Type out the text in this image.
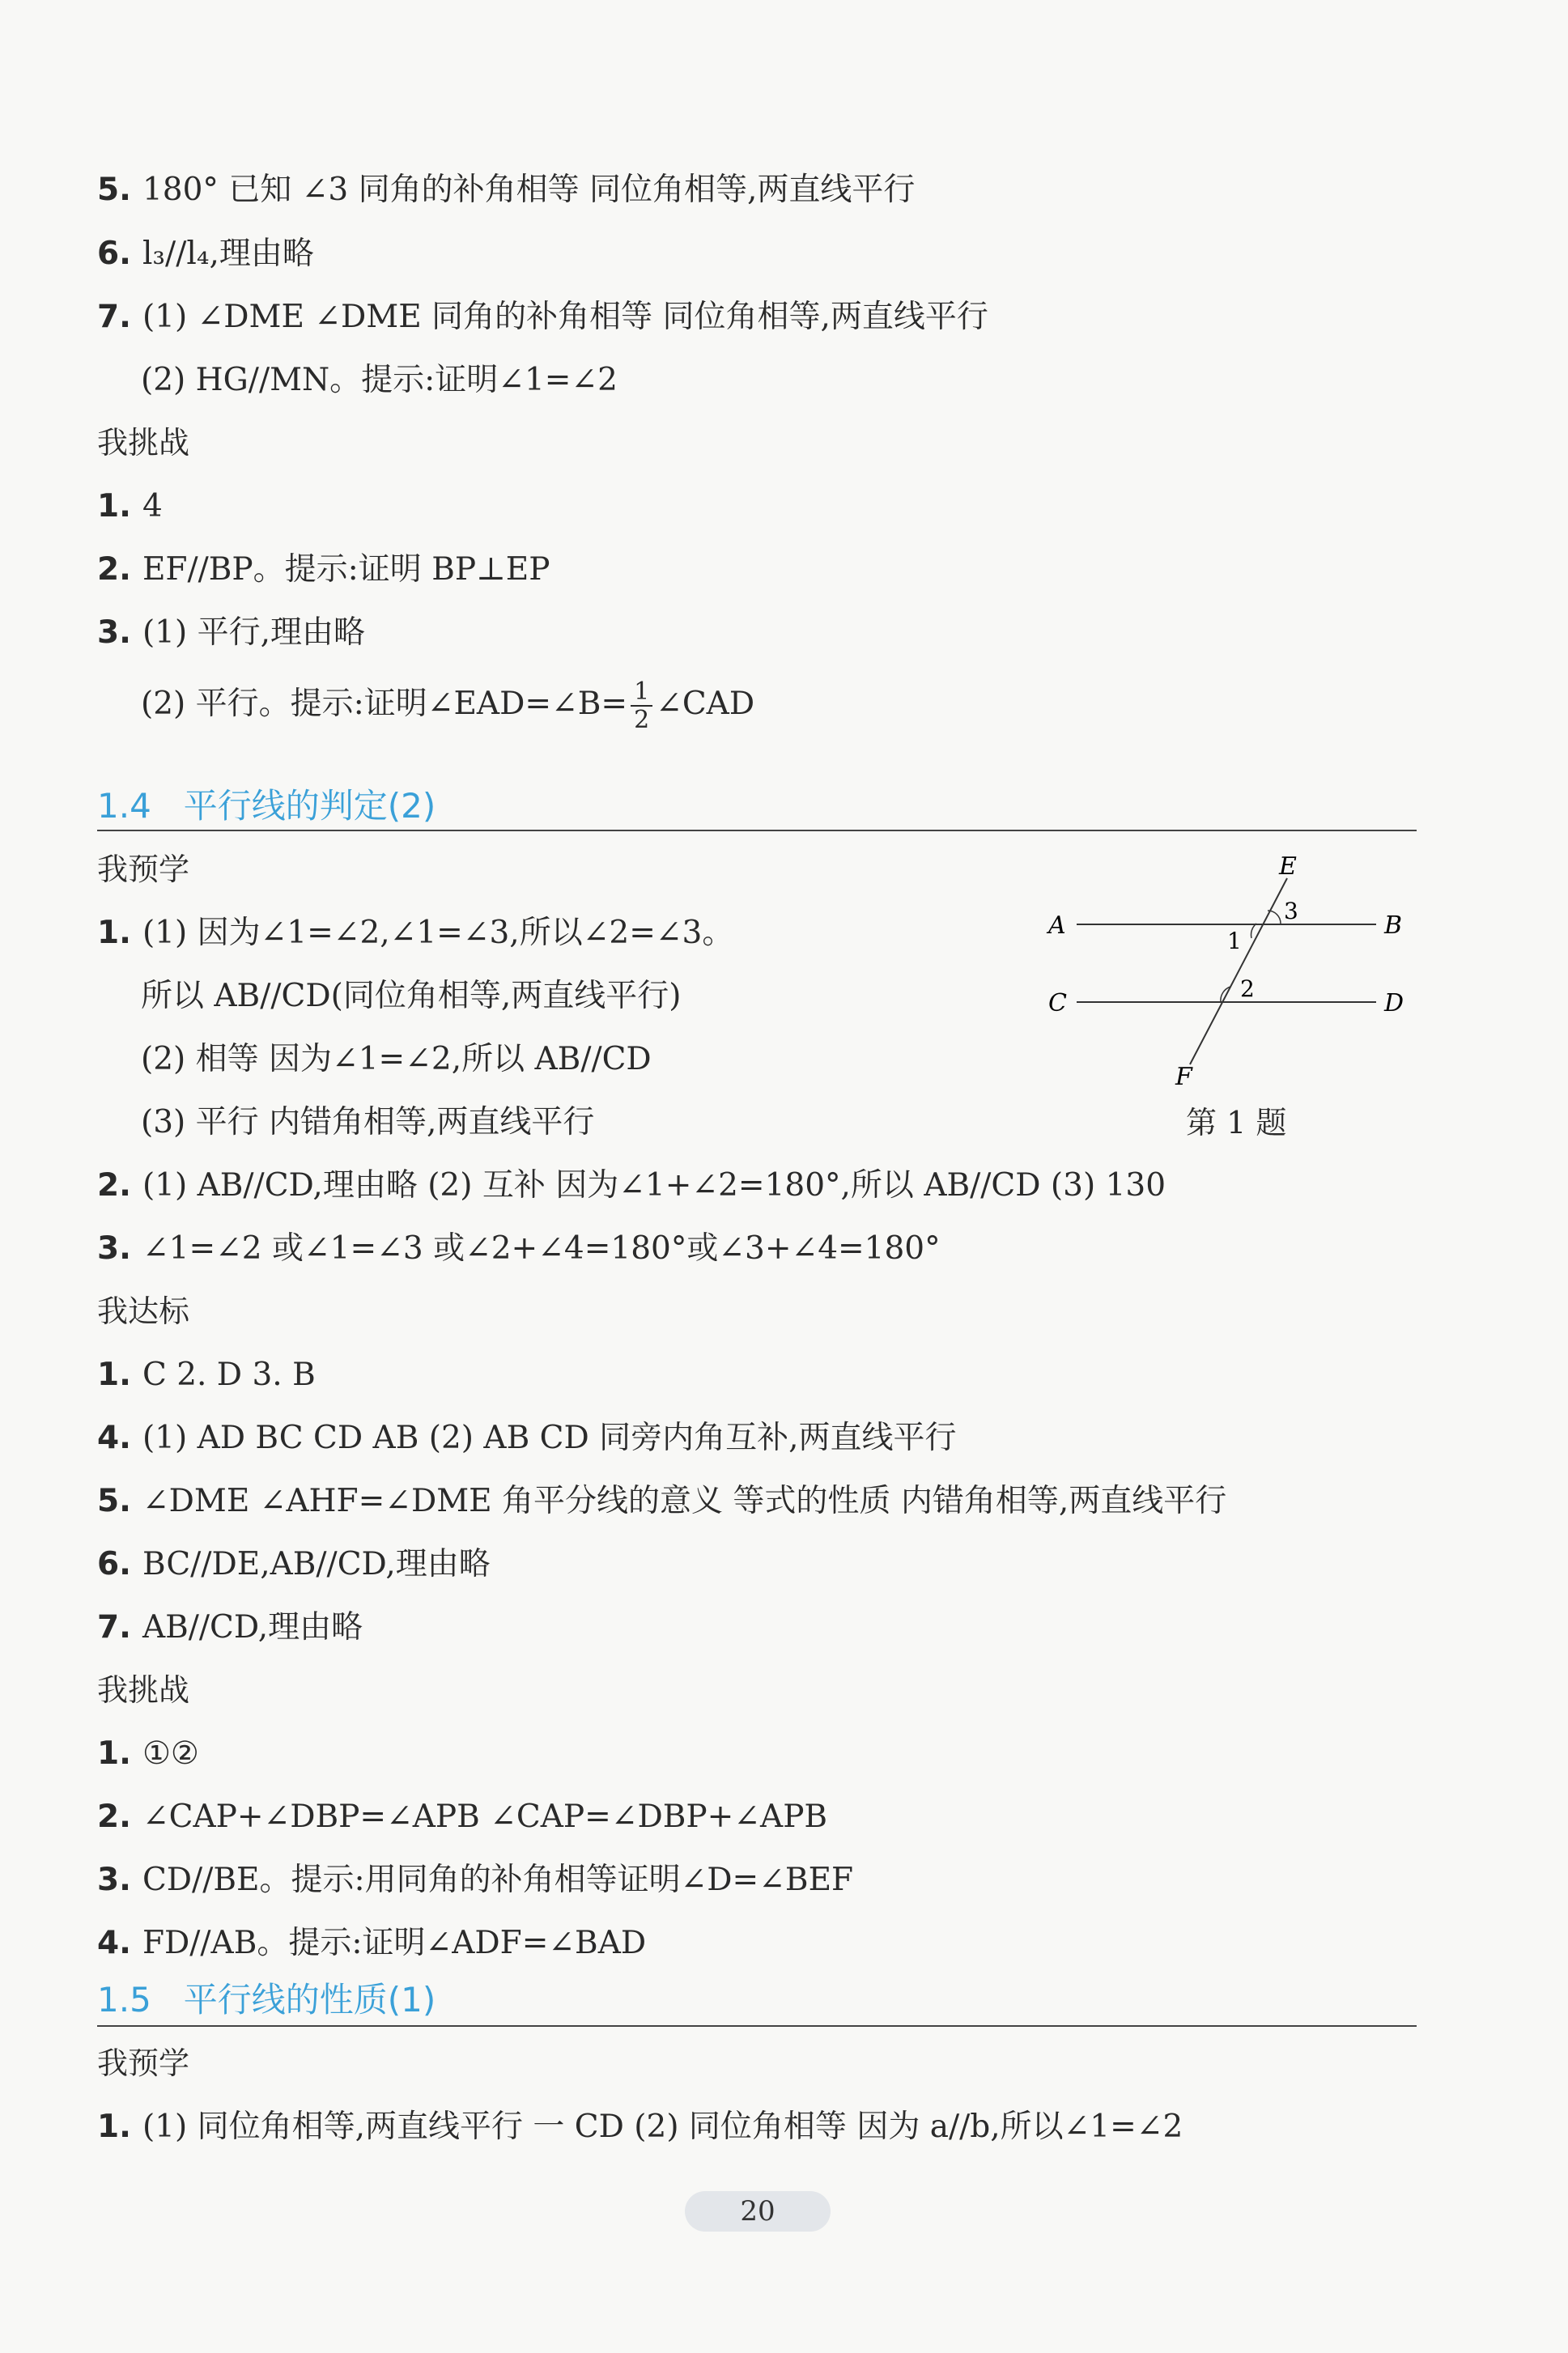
5. 180° 已知 ∠3 同角的补角相等 同位角相等,两直线平行
6. l₃//l₄,理由略
7. (1) ∠DME ∠DME 同角的补角相等 同位角相等,两直线平行
(2) HG//MN。提示:证明∠1=∠2
我挑战
1. 4
2. EF//BP。提示:证明 BP⊥EP
3. (1) 平行,理由略
(2) 平行。提示:证明∠EAD=∠B= $\frac{1}{2}$ ∠CAD
1.4 平行线的判定(2)
我预学
1. (1) 因为∠1=∠2,∠1=∠3,所以∠2=∠3。
所以 AB//CD(同位角相等,两直线平行)
(2) 相等 因为∠1=∠2,所以 AB//CD
(3) 平行 内错角相等,两直线平行
A	B
C	D
E
F
1
2
3
第 1 题
2. (1) AB//CD,理由略 (2) 互补 因为∠1+∠2=180°,所以 AB//CD (3) 130
3. ∠1=∠2 或∠1=∠3 或∠2+∠4=180°或∠3+∠4=180°
我达标
1. C 2. D 3. B
4. (1) AD BC CD AB (2) AB CD 同旁内角互补,两直线平行
5. ∠DME ∠AHF=∠DME 角平分线的意义 等式的性质 内错角相等,两直线平行
6. BC//DE,AB//CD,理由略
7. AB//CD,理由略
我挑战
1. ①②
2. ∠CAP+∠DBP=∠APB ∠CAP=∠DBP+∠APB
3. CD//BE。提示:用同角的补角相等证明∠D=∠BEF
4. FD//AB。提示:证明∠ADF=∠BAD
1.5 平行线的性质(1)
我预学
1. (1) 同位角相等,两直线平行 一 CD (2) 同位角相等 因为 a//b,所以∠1=∠2
20
